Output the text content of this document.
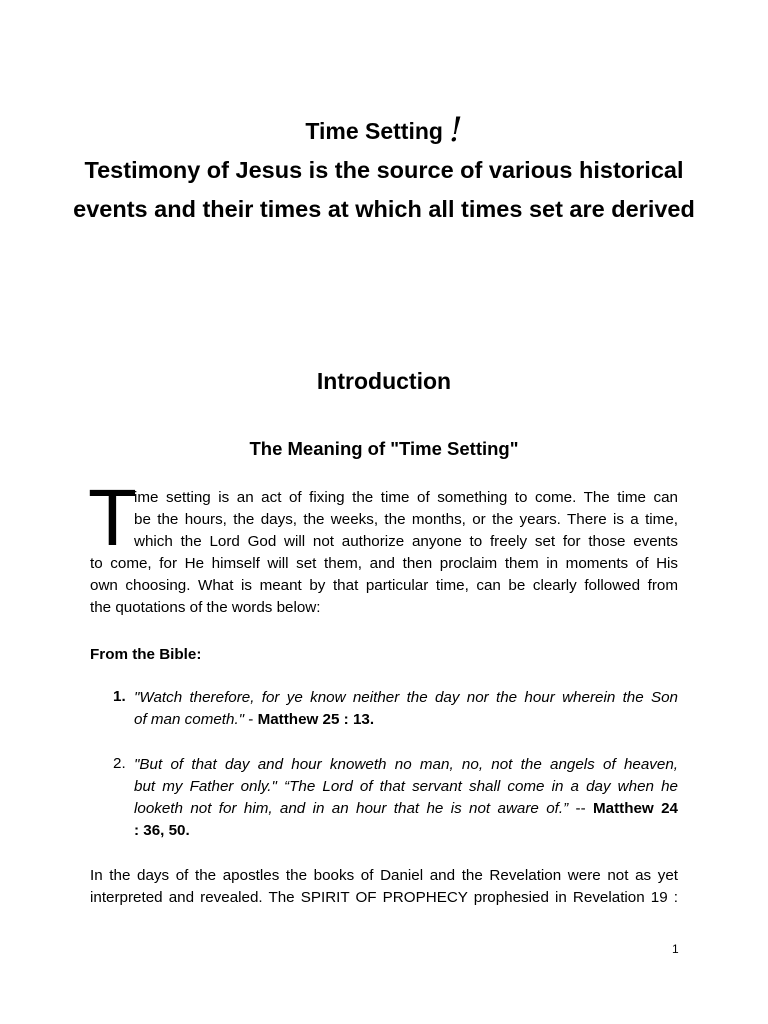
Time Setting !
Testimony of Jesus is the source of various historical events and their times at which all times set are derived
Introduction
The Meaning of "Time Setting"
T
ime setting is an act of fixing the time of something to come. The time can
be the hours, the days, the weeks, the months, or the years. There is a time,
which the Lord God will not authorize anyone to freely set for those events
to come, for He himself will set them, and then proclaim them in moments of His
own choosing. What is meant by that particular time, can be clearly followed from
the quotations of the words below:
From the Bible:
1. "Watch therefore, for ye know neither the day nor the hour wherein the Son
of man cometh." - Matthew 25 : 13.
2. "But of that day and hour knoweth no man, no, not the angels of heaven,
but my Father only." “The Lord of that servant shall come in a day when he
looketh not for him, and in an hour that he is not aware of.” -- Matthew 24
: 36, 50.
In the days of the apostles the books of Daniel and the Revelation were not as yet
interpreted and revealed. The SPIRIT OF PROPHECY prophesied in Revelation 19 :
1
